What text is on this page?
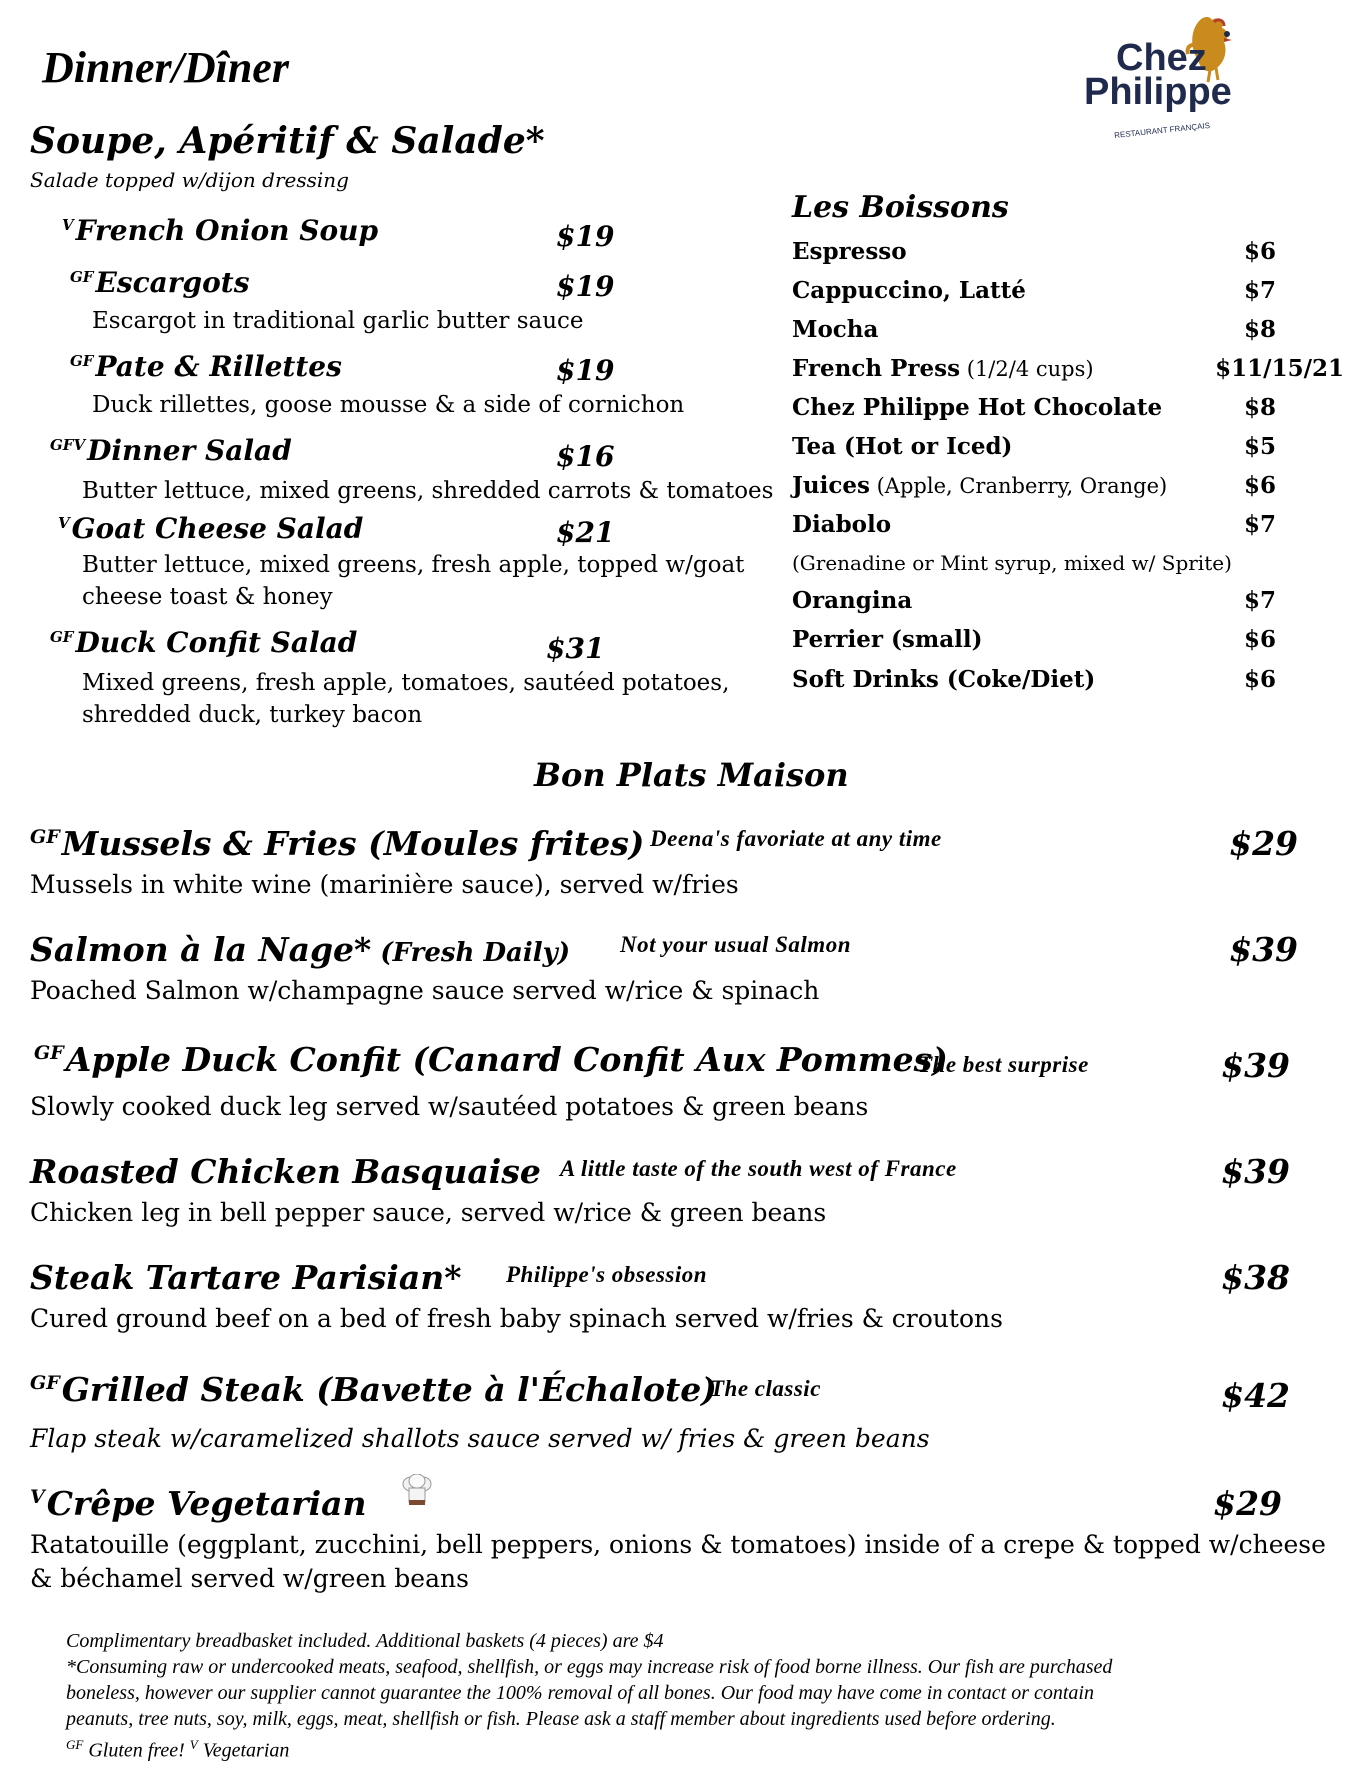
Dinner/Dîner	Chez
Philippe
RESTAURANT FRANÇAIS
Soupe, Apéritif & Salade*
Salade topped w/dijon dressing
$^V$French Onion Soup	$19
$^{GF}$Escargots	$19
Escargot in traditional garlic butter sauce
$^{GF}$Pate & Rillettes	$19
Duck rillettes, goose mousse & a side of cornichon
$^{GFV}$Dinner Salad	$16
Butter lettuce, mixed greens, shredded carrots & tomatoes
$^V$Goat Cheese Salad	$21
Butter lettuce, mixed greens, fresh apple, topped w/goat
cheese toast & honey
$^{GF}$Duck Confit Salad	$31
Mixed greens, fresh apple, tomatoes, sautéed potatoes,
shredded duck, turkey bacon
Les Boissons
Espresso	$6
Cappuccino, Latté	$7
Mocha	$8
French Press (1/2/4 cups)	$11/15/21
Chez Philippe Hot Chocolate	$8
Tea (Hot or Iced)	$5
Juices (Apple, Cranberry, Orange)	$6
Diabolo	$7
(Grenadine or Mint syrup, mixed w/ Sprite)
Orangina	$7
Perrier (small)	$6
Soft Drinks (Coke/Diet)	$6
Bon Plats Maison
$^{GF}$Mussels & Fries (Moules frites) Deena's favoriate at any time	$29
Mussels in white wine (marinière sauce), served w/fries
Salmon à la Nage* (Fresh Daily) Not your usual Salmon	$39
Poached Salmon w/champagne sauce served w/rice & spinach
$^{GF}$Apple Duck Confit (Canard Confit Aux Pommes)
The best surprise	$39
Slowly cooked duck leg served w/sautéed potatoes & green beans
Roasted Chicken Basquaise A little taste of the south west of France	$39
Chicken leg in bell pepper sauce, served w/rice & green beans
Steak Tartare Parisian* Philippe's obsession	$38
Cured ground beef on a bed of fresh baby spinach served w/fries & croutons
$^{GF}$Grilled Steak (Bavette à l'Échalote)
The classic	$42
Flap steak w/caramelized shallots sauce served w/ fries & green beans
$^V$Crêpe Vegetarian	$29
Ratatouille (eggplant, zucchini, bell peppers, onions & tomatoes) inside of a crepe & topped w/cheese
& béchamel served w/green beans
Complimentary breadbasket included. Additional baskets (4 pieces) are $4
*Consuming raw or undercooked meats, seafood, shellfish, or eggs may increase risk of food borne illness. Our fish are purchased
boneless, however our supplier cannot guarantee the 100% removal of all bones. Our food may have come in contact or contain
peanuts, tree nuts, soy, milk, eggs, meat, shellfish or fish. Please ask a staff member about ingredients used before ordering.
$^{GF}$ Gluten free! $^V$ Vegetarian
